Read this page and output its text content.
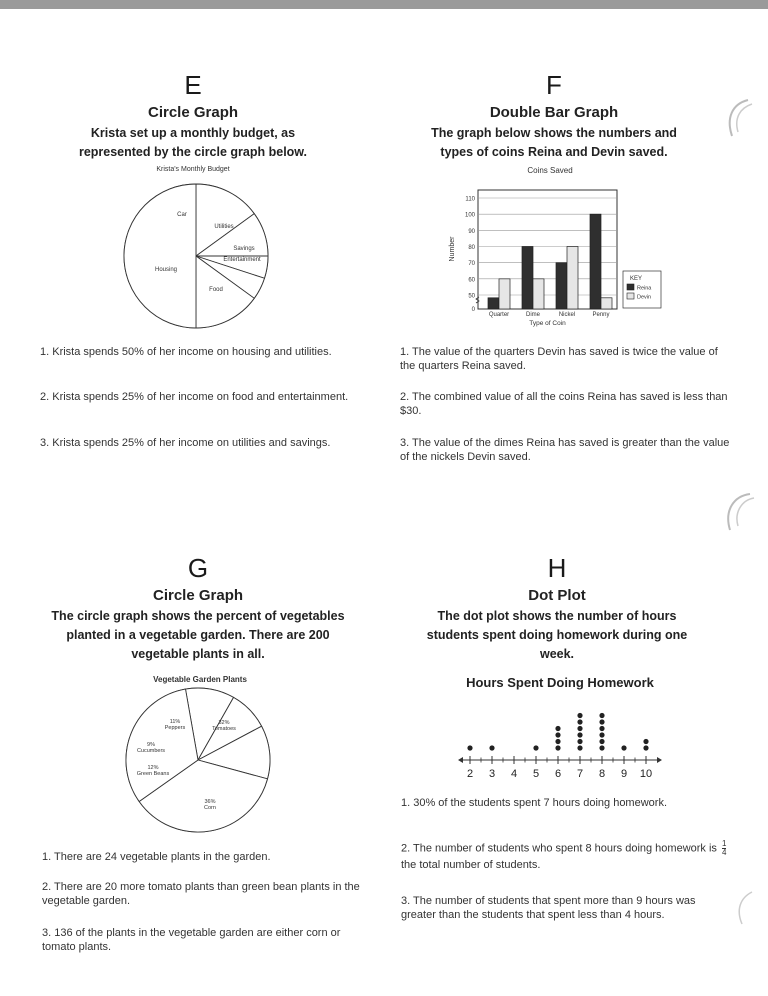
E
Circle Graph
Krista set up a monthly budget, as
represented by the circle graph below.
Krista's Monthly Budget
Car
Utilities
Savings
Entertainment
Food
Housing
1. Krista spends 50% of her income on housing and utilities.
2. Krista spends 25% of her income on food and entertainment.
3. Krista spends 25% of her income on utilities and savings.
F
Double Bar Graph
The graph below shows the numbers and
types of coins Reina and Devin saved.
Coins Saved
50
60
70
80
90
100
110
0
Number
Quarter	Dime	Nickel	Penny
Type of Coin
KEY
Reina
Devin
1. The value of the quarters Devin has saved is twice the value of the quarters Reina saved.
2. The combined value of all the coins Reina has saved is less than $30.
3. The value of the dimes Reina has saved is greater than the value of the nickels Devin saved.
G
Circle Graph
The circle graph shows the percent of vegetables
planted in a vegetable garden. There are 200
vegetable plants in all.
Vegetable Garden Plants
11%
Peppers
9%
Cucumbers
12%
Green Beans
36%
Corn
32%
Tomatoes
1. There are 24 vegetable plants in the garden.
2. There are 20 more tomato plants than green bean plants in the vegetable garden.
3. 136 of the plants in the vegetable garden are either corn or tomato plants.
H
Dot Plot
The dot plot shows the number of hours
students spent doing homework during one
week.
Hours Spent Doing Homework
2 3 4 5 6 7 8 9 10
1. 30% of the students spent 7 hours doing homework.
2. The number of students who spent 8 hours doing homework is $\frac{1}{4}$
the total number of students.
3. The number of students that spent more than 9 hours was greater than the students that spent less than 4 hours.
